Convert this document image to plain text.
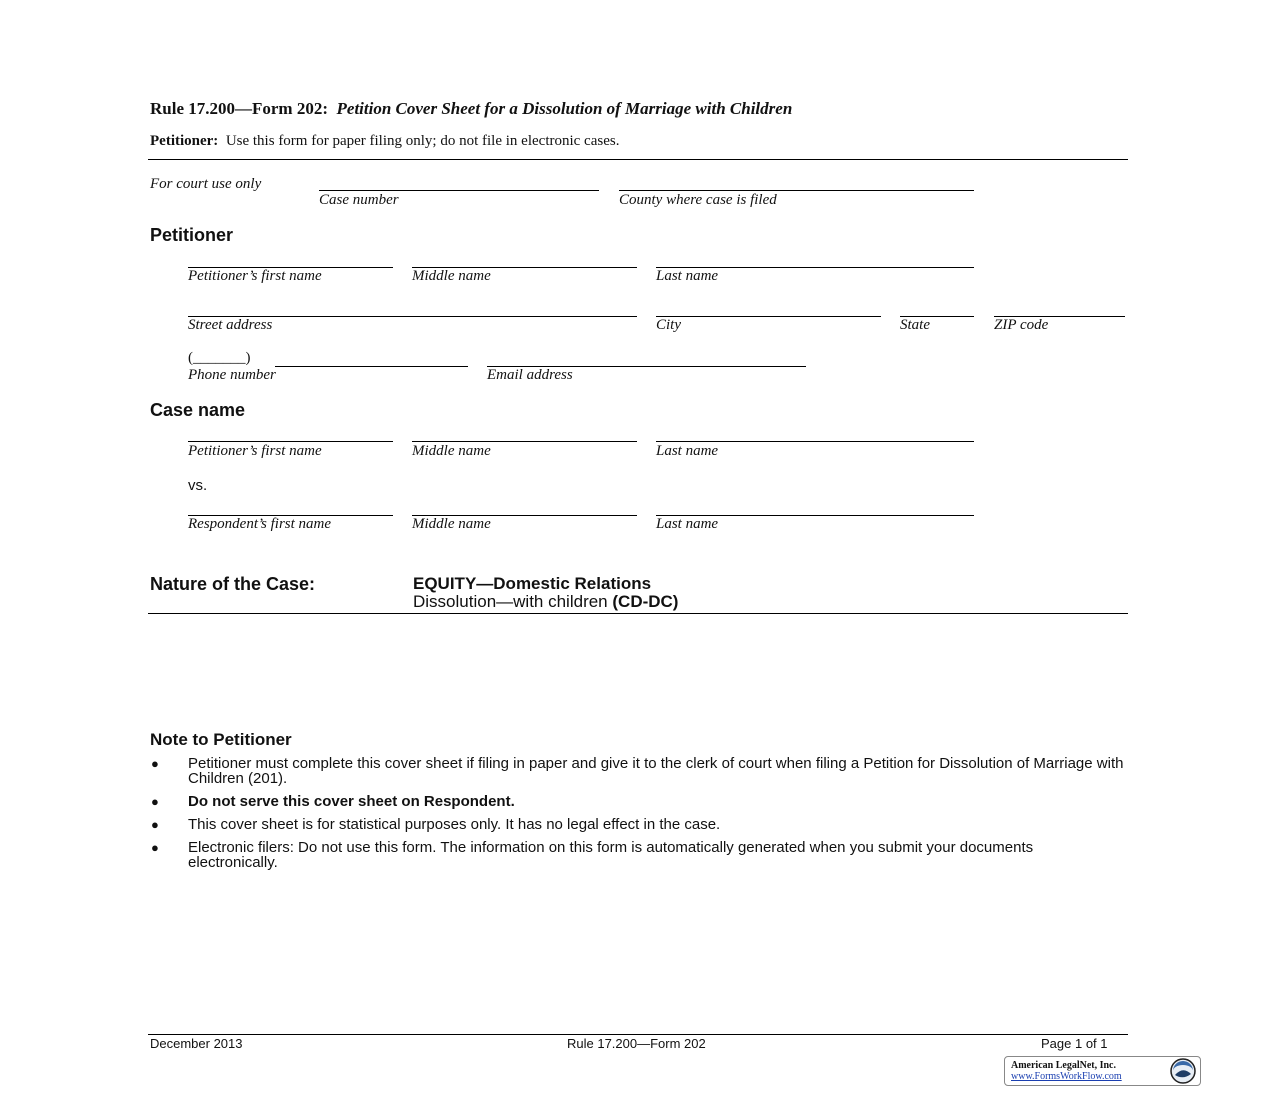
Rule 17.200—Form 202: Petition Cover Sheet for a Dissolution of Marriage with Children
Petitioner: Use this form for paper filing only; do not file in electronic cases.
For court use only
Case number	County where case is filed
Petitioner
Petitioner’s first name	Middle name	Last name
Street address	City	State	ZIP code
(_______)
Phone number	Email address
Case name
Petitioner’s first name	Middle name	Last name
vs.
Respondent’s first name	Middle name	Last name
Nature of the Case:	EQUITY—Domestic Relations
Dissolution—with children (CD-DC)
Note to Petitioner
● Petitioner must complete this cover sheet if filing in paper and give it to the clerk of court when filing a Petition for Dissolution of Marriage with Children (201).
● Do not serve this cover sheet on Respondent.
● This cover sheet is for statistical purposes only. It has no legal effect in the case.
● Electronic filers: Do not use this form. The information on this form is automatically generated when you submit your documents electronically.
December 2013	Rule 17.200—Form 202	Page 1 of 1
American LegalNet, Inc.
www.FormsWorkFlow.com
